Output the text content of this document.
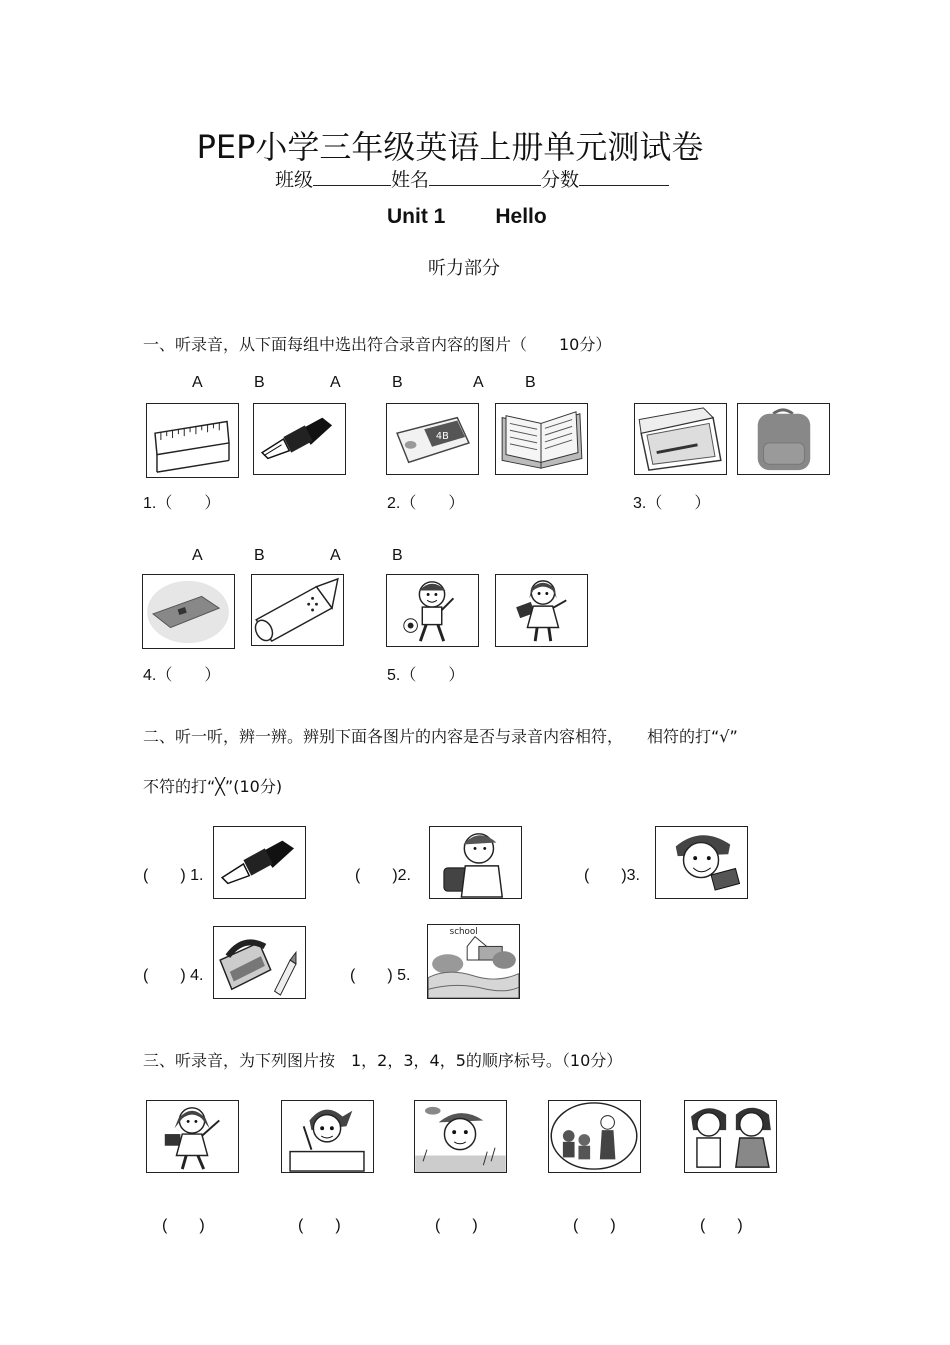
PEP小学三年级英语上册单元测试卷
班级	姓名	分数
Unit 1 Hello
听力部分
一、听录音，从下面每组中选出符合录音内容的图片（　　10分）
A	B	A	B	A	B
4B
1.（　　）	2.（　　）	3.（　　）
A	B	A	B
4.（　　）	5.（　　）
二、听一听，辨一辨。辨别下面各图片的内容是否与录音内容相符，　　相符的打“√”
不符的打“╳”(10分)
(　　) 1.	(　　)2.	(　　)3.
(　　) 4.	(　　) 5.
school
三、听录音，为下列图片按　1，2，3，4，5的顺序标号。（10分）
(　　)	(　　)	(　　)	(　　)	(　　)
